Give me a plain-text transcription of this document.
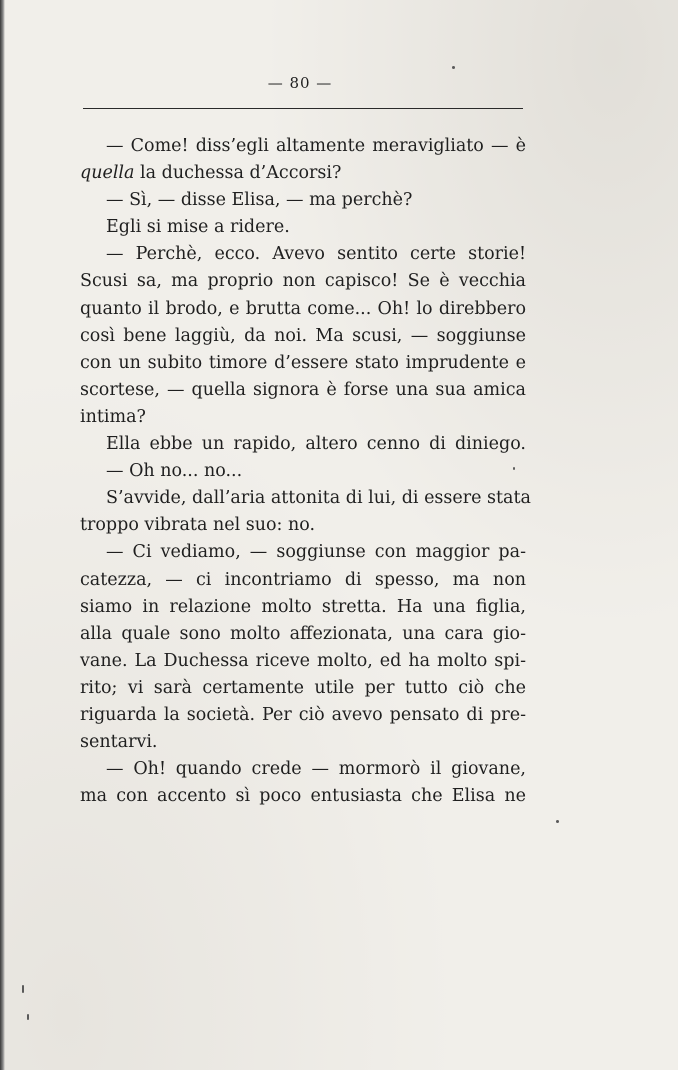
— 80 —
— Come! diss’egli altamente meravigliato — è
quella la duchessa d’Accorsi?
— Sì, — disse Elisa, — ma perchè?
Egli si mise a ridere.
— Perchè, ecco. Avevo sentito certe storie!
Scusi sa, ma proprio non capisco! Se è vecchia
quanto il brodo, e brutta come... Oh! lo direbbero
così bene laggiù, da noi. Ma scusi, — soggiunse
con un subito timore d’essere stato imprudente e
scortese, — quella signora è forse una sua amica
intima?
Ella ebbe un rapido, altero cenno di diniego.
— Oh no... no...
S’avvide, dall’aria attonita di lui, di essere stata
troppo vibrata nel suo: no.
— Ci vediamo, — soggiunse con maggior pa-
catezza, — ci incontriamo di spesso, ma non
siamo in relazione molto stretta. Ha una figlia,
alla quale sono molto affezionata, una cara gio-
vane. La Duchessa riceve molto, ed ha molto spi-
rito; vi sarà certamente utile per tutto ciò che
riguarda la società. Per ciò avevo pensato di pre-
sentarvi.
— Oh! quando crede — mormorò il giovane,
ma con accento sì poco entusiasta che Elisa ne
